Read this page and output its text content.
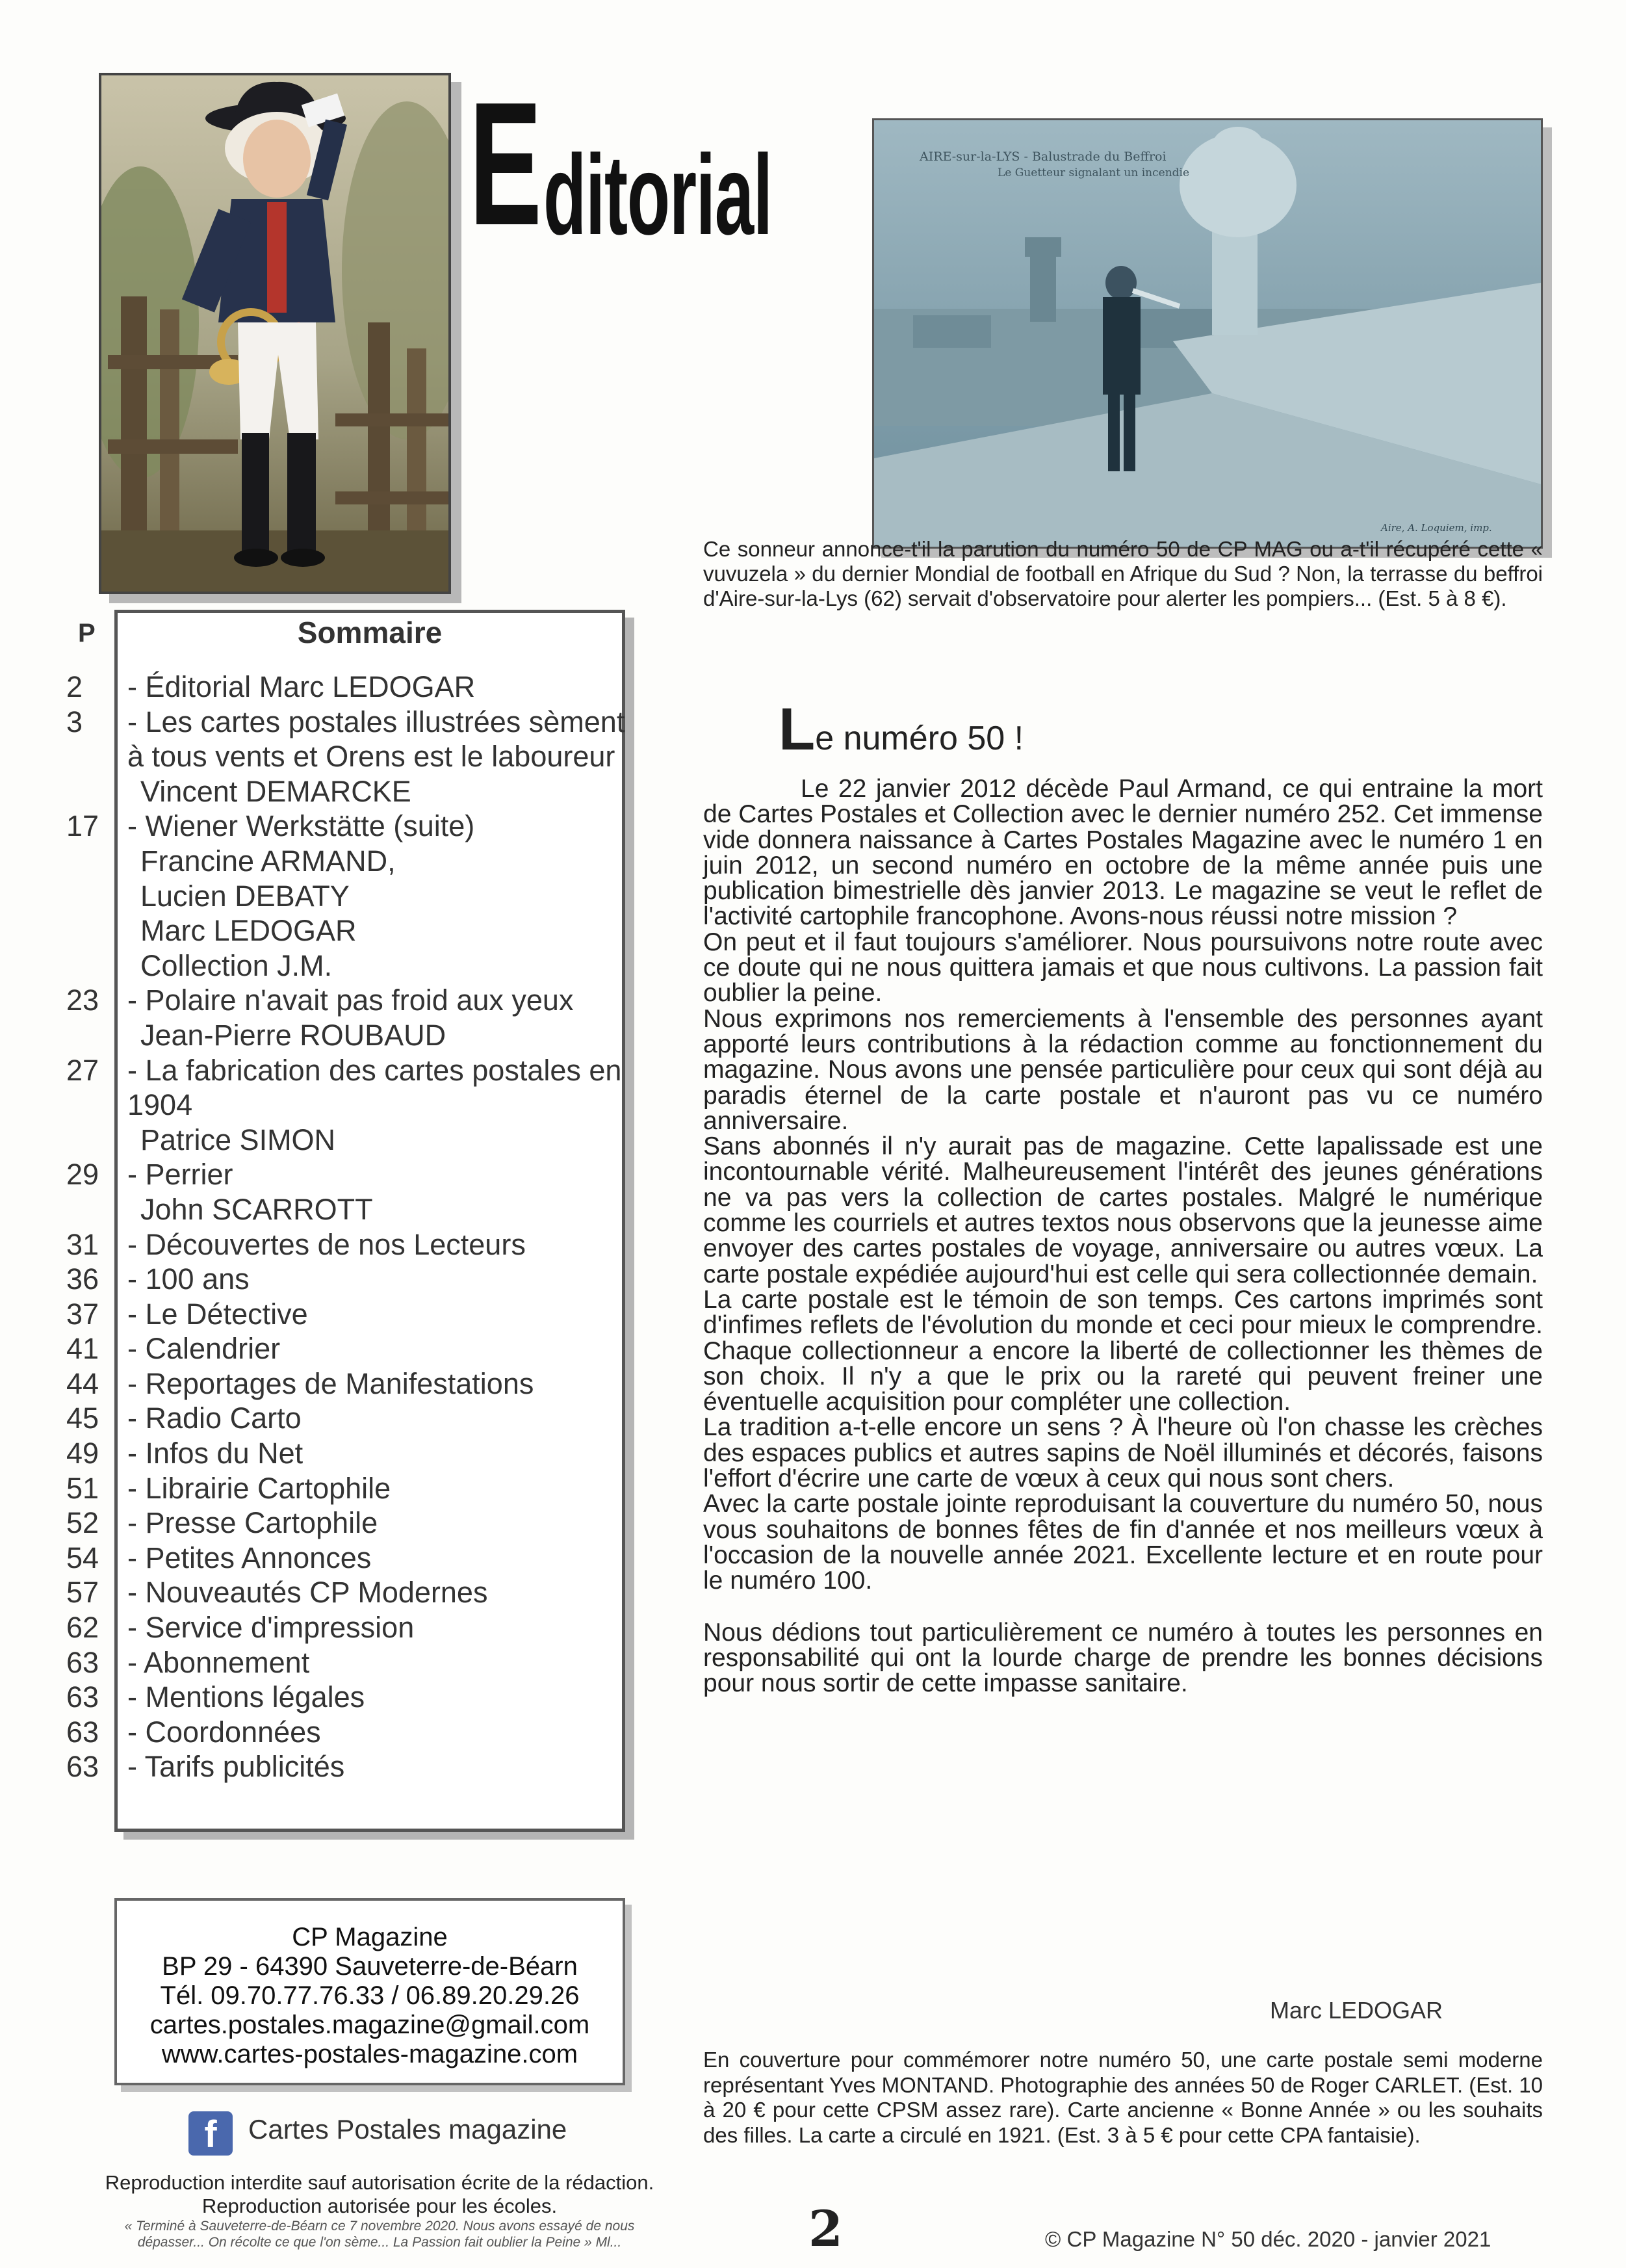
Editorial	AIRE-sur-la-LYS - Balustrade du Beffroi
Le Guetteur signalant un incendie
Aire, A. Loquiem, imp.

Ce sonneur annonce-t'il la parution du numéro 50 de CP MAG ou a-t'il récupéré cette « vuvuzela » du dernier Mondial de football en Afrique du Sud ? Non, la terrasse du beffroi d'Aire-sur-la-Lys (62) servait d'observatoire pour alerter les pompiers... (Est. 5 à 8 €).

P	Sommaire
2	- Éditorial Marc LEDOGAR
3	- Les cartes postales illustrées sèment à tous vents et Orens est le laboureur
Vincent DEMARCKE
17 - Wiener Werkstätte (suite)
Francine ARMAND,
Lucien DEBATY
Marc LEDOGAR
Collection J.M.
23 - Polaire n'avait pas froid aux yeux
Jean-Pierre ROUBAUD
27 - La fabrication des cartes postales en 1904
Patrice SIMON
29 - Perrier
John SCARROTT
31 - Découvertes de nos Lecteurs
36 - 100 ans
37 - Le Détective
41 - Calendrier
44 - Reportages de Manifestations
45 - Radio Carto
49 - Infos du Net
51 - Librairie Cartophile
52 - Presse Cartophile
54 - Petites Annonces
57 - Nouveautés CP Modernes
62 - Service d'impression
63 - Abonnement
63 - Mentions légales
63 - Coordonnées
63 - Tarifs publicités
CP Magazine
BP 29 - 64390 Sauveterre-de-Béarn
Tél. 09.70.77.76.33 / 06.89.20.29.26
cartes.postales.magazine@gmail.com
www.cartes-postales-magazine.com
f	Cartes Postales magazine
Reproduction interdite sauf autorisation écrite de la rédaction.
Reproduction autorisée pour les écoles.
« Terminé à Sauveterre-de-Béarn ce 7 novembre 2020. Nous avons essayé de nous
dépasser... On récolte ce que l'on sème... La Passion fait oublier la Peine » Ml...
Le numéro 50 !

Le 22 janvier 2012 décède Paul Armand, ce qui entraine la mort de Cartes Postales et Collection avec le dernier numéro 252. Cet immense vide donnera naissance à Cartes Postales Magazine avec le numéro 1 en juin 2012, un second numéro en octobre de la même année puis une publication bimestrielle dès janvier 2013. Le magazine se veut le reflet de l'activité cartophile francophone. Avons-nous réussi notre mission ?

On peut et il faut toujours s'améliorer. Nous poursuivons notre route avec ce doute qui ne nous quittera jamais et que nous cultivons. La passion fait oublier la peine.

Nous exprimons nos remerciements à l'ensemble des personnes ayant apporté leurs contributions à la rédaction comme au fonctionnement du magazine. Nous avons une pensée particulière pour ceux qui sont déjà au paradis éternel de la carte postale et n'auront pas vu ce numéro anniversaire.

Sans abonnés il n'y aurait pas de magazine. Cette lapalissade est une incontournable vérité. Malheureusement l'intérêt des jeunes générations ne va pas vers la collection de cartes postales. Malgré le numérique comme les courriels et autres textos nous observons que la jeunesse aime envoyer des cartes postales de voyage, anniversaire ou autres vœux. La carte postale expédiée aujourd'hui est celle qui sera collectionnée demain.

La carte postale est le témoin de son temps. Ces cartons imprimés sont d'infimes reflets de l'évolution du monde et ceci pour mieux le comprendre. Chaque collectionneur a encore la liberté de collectionner les thèmes de son choix. Il n'y a que le prix ou la rareté qui peuvent freiner une éventuelle acquisition pour compléter une collection.

La tradition a-t-elle encore un sens ? À l'heure où l'on chasse les crèches des espaces publics et autres sapins de Noël illuminés et décorés, faisons l'effort d'écrire une carte de vœux à ceux qui nous sont chers.

Avec la carte postale jointe reproduisant la couverture du numéro 50, nous vous souhaitons de bonnes fêtes de fin d'année et nos meilleurs vœux à l'occasion de la nouvelle année 2021. Excellente lecture et en route pour le numéro 100.

Nous dédions tout particulièrement ce numéro à toutes les personnes en responsabilité qui ont la lourde charge de prendre les bonnes décisions pour nous sortir de cette impasse sanitaire.

Marc LEDOGAR

En couverture pour commémorer notre numéro 50, une carte postale semi moderne représentant Yves MONTAND. Photographie des années 50 de Roger CARLET. (Est. 10 à 20 € pour cette CPSM assez rare). Carte ancienne « Bonne Année » ou les souhaits des filles. La carte a circulé en 1921. (Est. 3 à 5 € pour cette CPA fantaisie).

2	© CP Magazine N° 50 déc. 2020 - janvier 2021
